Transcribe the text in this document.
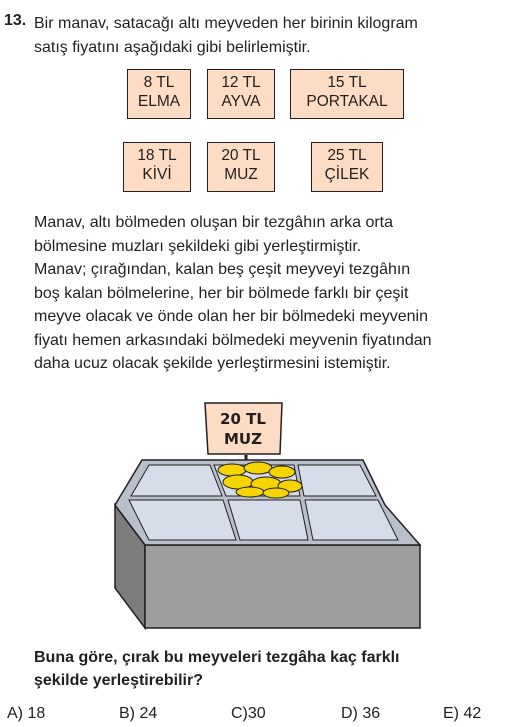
13. Bir manav, satacağı altı meyveden her birinin kilogram
satış fiyatını aşağıdaki gibi belirlemiştir.

8 TL
ELMA
12 TL
AYVA
15 TL
PORTAKAL
18 TL
KİVİ
20 TL
MUZ
25 TL
ÇİLEK

Manav, altı bölmeden oluşan bir tezgâhın arka orta
bölmesine muzları şekildeki gibi yerleştirmiştir.
Manav; çırağından, kalan beş çeşit meyveyi tezgâhın
boş kalan bölmelerine, her bir bölmede farklı bir çeşit
meyve olacak ve önde olan her bir bölmedeki meyvenin
fiyatı hemen arkasındaki bölmedeki meyvenin fiyatından
daha ucuz olacak şekilde yerleştirmesini istemiştir.

20 TL
MUZ

Buna göre, çırak bu meyveleri tezgâha kaç farklı
şekilde yerleştirebilir?

A) 18	B) 24	C)30	D) 36	E) 42
